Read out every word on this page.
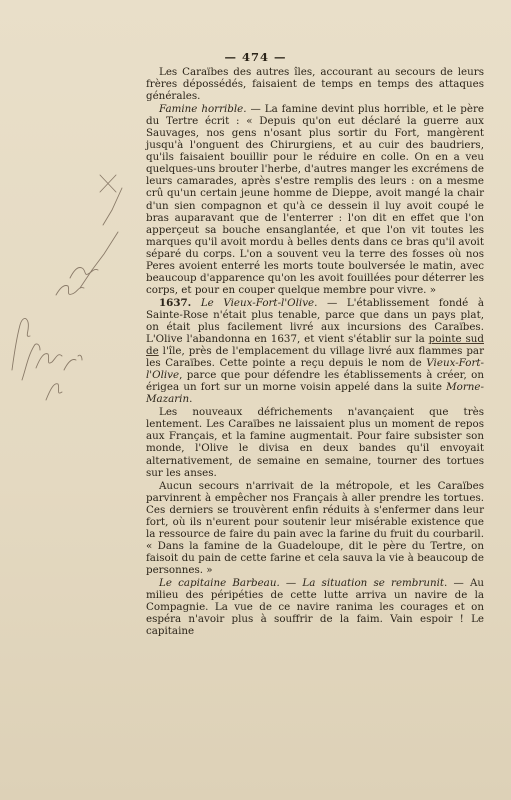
— 474 —

Les Caraïbes des autres îles, accourant au secours de leurs frères dépossédés, faisaient de temps en temps des attaques générales.

Famine horrible. — La famine devint plus horrible, et le père du Tertre écrit : « Depuis qu'on eut déclaré la guerre aux Sauvages, nos gens n'osant plus sortir du Fort, mangèrent jusqu'à l'onguent des Chirurgiens, et au cuir des baudriers, qu'ils faisaient bouillir pour le réduire en colle. On en a veu quelques-uns brouter l'herbe, d'autres manger les excrémens de leurs camarades, après s'estre remplis des leurs : on a mesme crû qu'un certain jeune homme de Dieppe, avoit mangé la chair d'un sien compagnon et qu'à ce dessein il luy avoit coupé le bras auparavant que de l'enterrer : l'on dit en effet que l'on apperçeut sa bouche ensanglantée, et que l'on vit toutes les marques qu'il avoit mordu à belles dents dans ce bras qu'il avoit séparé du corps. L'on a souvent veu la terre des fosses où nos Peres avoient enterré les morts toute boulversée le matin, avec beaucoup d'apparence qu'on les avoit fouillées pour déterrer les corps, et pour en couper quelque membre pour vivre. »

1637. Le Vieux-Fort-l'Olive. — L'établissement fondé à Sainte-Rose n'était plus tenable, parce que dans un pays plat, on était plus facilement livré aux incursions des Caraïbes. L'Olive l'abandonna en 1637, et vient s'établir sur la pointe sud de l'île, près de l'emplacement du village livré aux flammes par les Caraïbes. Cette pointe a reçu depuis le nom de Vieux-Fort-l'Olive, parce que pour défendre les établissements à créer, on érigea un fort sur un morne voisin appelé dans la suite Morne-Mazarin.

Les nouveaux défrichements n'avançaient que très lentement. Les Caraïbes ne laissaient plus un moment de repos aux Français, et la famine augmentait. Pour faire subsister son monde, l'Olive le divisa en deux bandes qu'il envoyait alternativement, de semaine en semaine, tourner des tortues sur les anses.

Aucun secours n'arrivait de la métropole, et les Caraïbes parvinrent à empêcher nos Français à aller prendre les tortues. Ces derniers se trouvèrent enfin réduits à s'enfermer dans leur fort, où ils n'eurent pour soutenir leur misérable existence que la ressource de faire du pain avec la farine du fruit du courbaril. « Dans la famine de la Guadeloupe, dit le père du Tertre, on faisoit du pain de cette farine et cela sauva la vie à beaucoup de personnes. »

Le capitaine Barbeau. — La situation se rembrunit. — Au milieu des péripéties de cette lutte arriva un navire de la Compagnie. La vue de ce navire ranima les courages et on espéra n'avoir plus à souffrir de la faim. Vain espoir ! Le capitaine
